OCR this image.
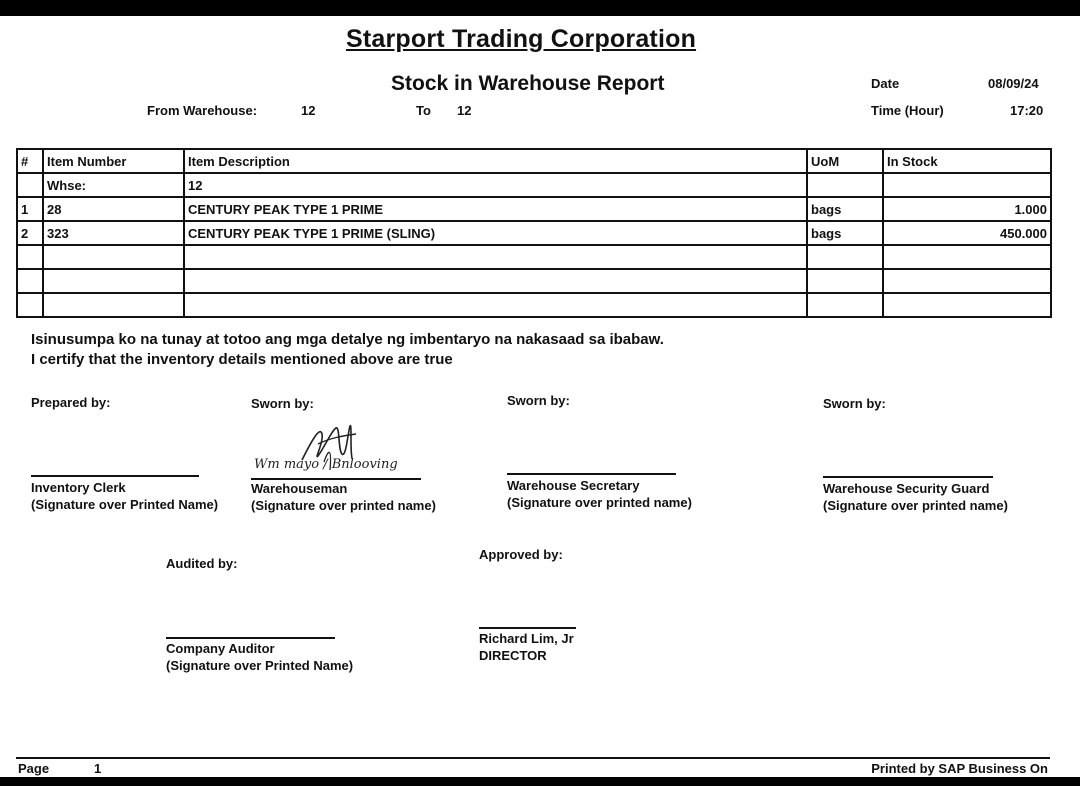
Starport Trading Corporation
Stock in Warehouse Report
From Warehouse:	12	To 12
Date	08/09/24
Time (Hour)	17:20
#	Item Number	Item Description	UoM	In Stock
	Whse:	12		
1	28	CENTURY PEAK TYPE 1 PRIME	bags	1.000
2	323	CENTURY PEAK TYPE 1 PRIME (SLING)	bags	450.000

Isinusumpa ko na tunay at totoo ang mga detalye ng imbentaryo na nakasaad sa ibabaw.
I certify that the inventory details mentioned above are true
Prepared by:
Inventory Clerk
(Signature over Printed Name)
Sworn by:
Wm mayo / Bnlooving
Warehouseman
(Signature over printed name)
Sworn by:
Warehouse Secretary
(Signature over printed name)
Sworn by:
Warehouse Security Guard
(Signature over printed name)
Audited by:
Company Auditor
(Signature over Printed Name)
Approved by:
Richard Lim, Jr
DIRECTOR
Page	1	Printed by SAP Business On
